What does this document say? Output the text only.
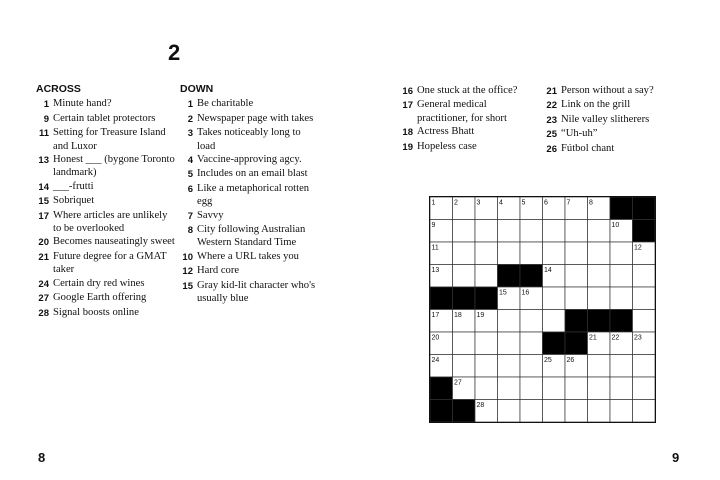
2
ACROSS
1 Minute hand?
9 Certain tablet protectors
11 Setting for Treasure Island and Luxor
13 Honest ___ (bygone Toronto landmark)
14 ___-frutti
15 Sobriquet
17 Where articles are unlikely to be overlooked
20 Becomes nauseatingly sweet
21 Future degree for a GMAT taker
24 Certain dry red wines
27 Google Earth offering
28 Signal boosts online
DOWN
1 Be charitable
2 Newspaper page with takes
3 Takes noticeably long to load
4 Vaccine-approving agcy.
5 Includes on an email blast
6 Like a metaphorical rotten egg
7 Savvy
8 City following Australian Western Standard Time
10 Where a URL takes you
12 Hard core
15 Gray kid-lit character who's usually blue
16 One stuck at the office?
17 General medical practitioner, for short
18 Actress Bhatt
19 Hopeless case
21 Person without a say?
22 Link on the grill
23 Nile valley slitherers
25 “Uh-uh”
26 Fútbol chant
1	2	3	4	5	6	7	8
9	10
11	12
13	14
15 16
17 18 19
20	21 22 23
24	25 26
27
28
8	9
